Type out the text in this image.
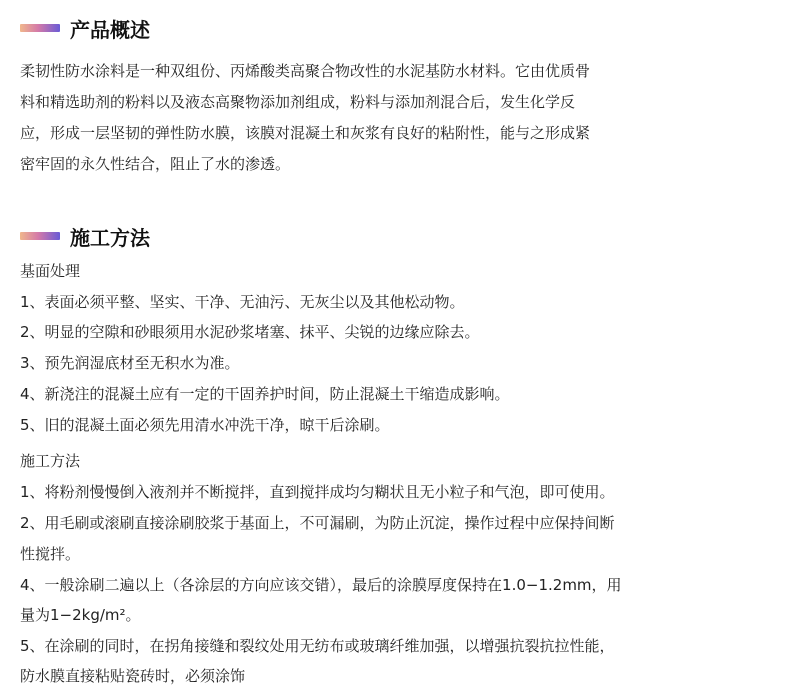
产品概述
柔韧性防水涂料是一种双组份、丙烯酸类高聚合物改性的水泥基防水材料。它由优质骨
料和精选助剂的粉料以及液态高聚物添加剂组成，粉料与添加剂混合后，发生化学反
应，形成一层坚韧的弹性防水膜，该膜对混凝土和灰浆有良好的粘附性，能与之形成紧
密牢固的永久性结合，阻止了水的渗透。
施工方法
基面处理
1、表面必须平整、坚实、干净、无油污、无灰尘以及其他松动物。
2、明显的空隙和砂眼须用水泥砂浆堵塞、抹平、尖锐的边缘应除去。
3、预先润湿底材至无积水为准。
4、新浇注的混凝土应有一定的干固养护时间，防止混凝土干缩造成影响。
5、旧的混凝土面必须先用清水冲洗干净，晾干后涂刷。
施工方法
1、将粉剂慢慢倒入液剂并不断搅拌，直到搅拌成均匀糊状且无小粒子和气泡，即可使用。
2、用毛刷或滚刷直接涂刷胶浆于基面上，不可漏刷，为防止沉淀，操作过程中应保持间断
性搅拌。
4、一般涂刷二遍以上（各涂层的方向应该交错），最后的涂膜厚度保持在1.0−1.2mm，用
量为1−2kg/m²。
5、在涂刷的同时，在拐角接缝和裂纹处用无纺布或玻璃纤维加强，以增强抗裂抗拉性能，
防水膜直接粘贴瓷砖时，必须涂饰
